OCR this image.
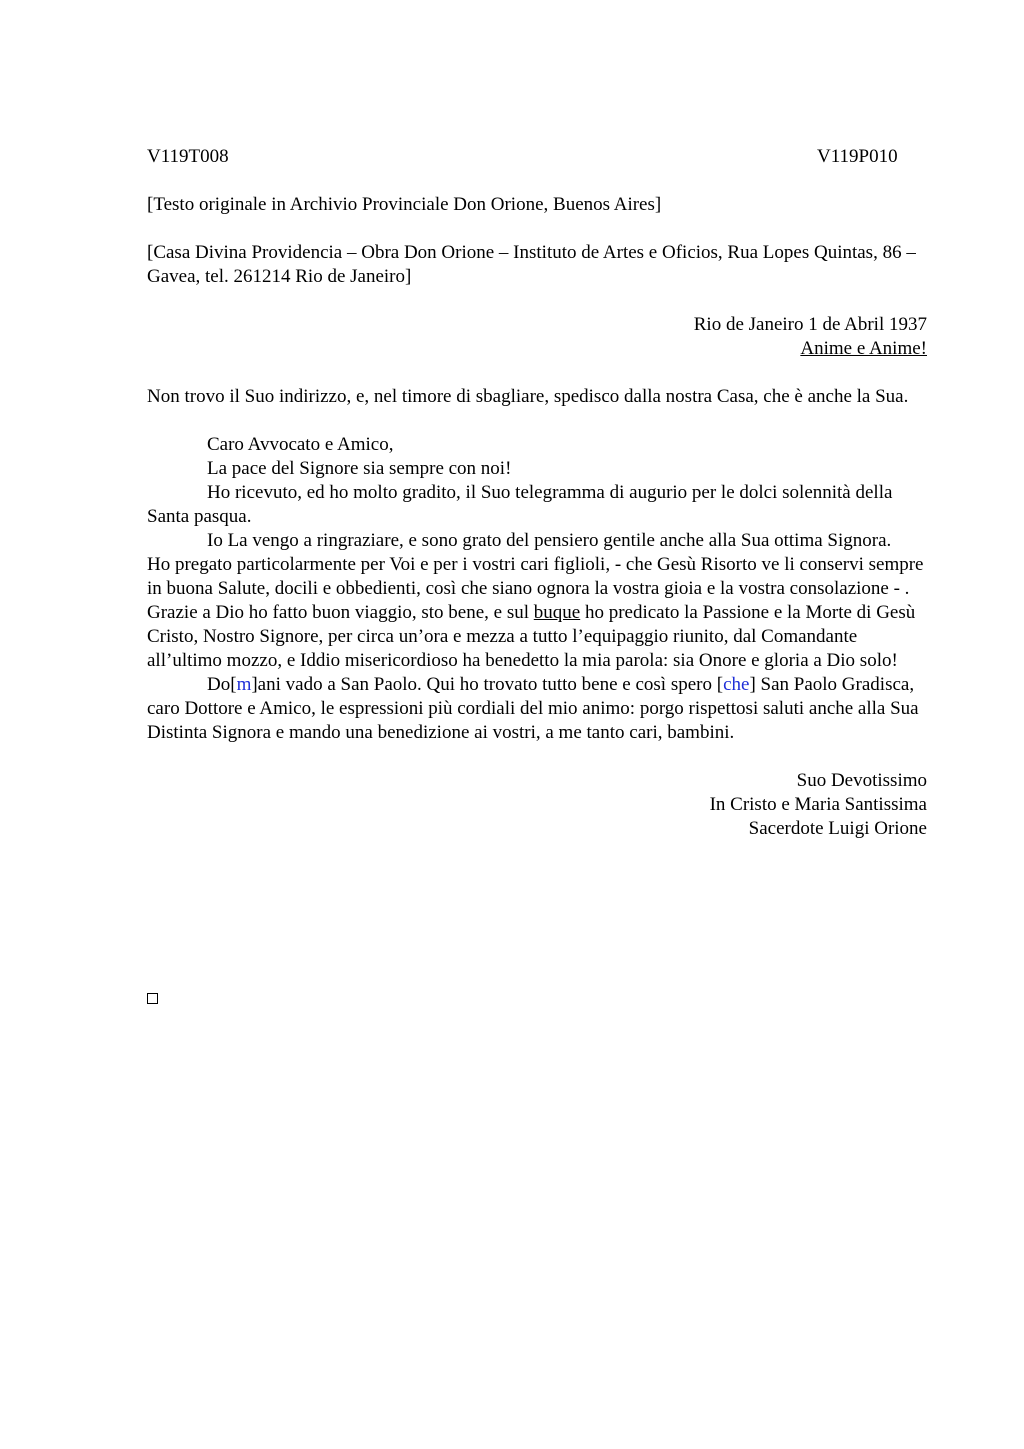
V119T008	V119P010

[Testo originale in Archivio Provinciale Don Orione, Buenos Aires]

[Casa Divina Providencia – Obra Don Orione – Instituto de Artes e Oficios, Rua Lopes Quintas, 86 – Gavea, tel. 261214 Rio de Janeiro]

Rio de Janeiro 1 de Abril 1937

Anime e Anime!

Non trovo il Suo indirizzo, e, nel timore di sbagliare, spedisco dalla nostra Casa, che è anche la Sua.

Caro Avvocato e Amico,

La pace del Signore sia sempre con noi!

Ho ricevuto, ed ho molto gradito, il Suo telegramma di augurio per le dolci solennità della Santa pasqua.

Io La vengo a ringraziare, e sono grato del pensiero gentile anche alla Sua ottima Signora.

Ho pregato particolarmente per Voi e per i vostri cari figlioli, - che Gesù Risorto ve li conservi sempre in buona Salute, docili e obbedienti, così che siano ognora la vostra gioia e la vostra consolazione - .

Grazie a Dio ho fatto buon viaggio, sto bene, e sul buque ho predicato la Passione e la Morte di Gesù Cristo, Nostro Signore, per circa un’ora e mezza a tutto l’equipaggio riunito, dal Comandante all’ultimo mozzo, e Iddio misericordioso ha benedetto la mia parola: sia Onore e gloria a Dio solo!

Do[m]ani vado a San Paolo. Qui ho trovato tutto bene e così spero [che] San Paolo Gradisca, caro Dottore e Amico, le espressioni più cordiali del mio animo: porgo rispettosi saluti anche alla Sua Distinta Signora e mando una benedizione ai vostri, a me tanto cari, bambini.

Suo Devotissimo

In Cristo e Maria Santissima

Sacerdote Luigi Orione
